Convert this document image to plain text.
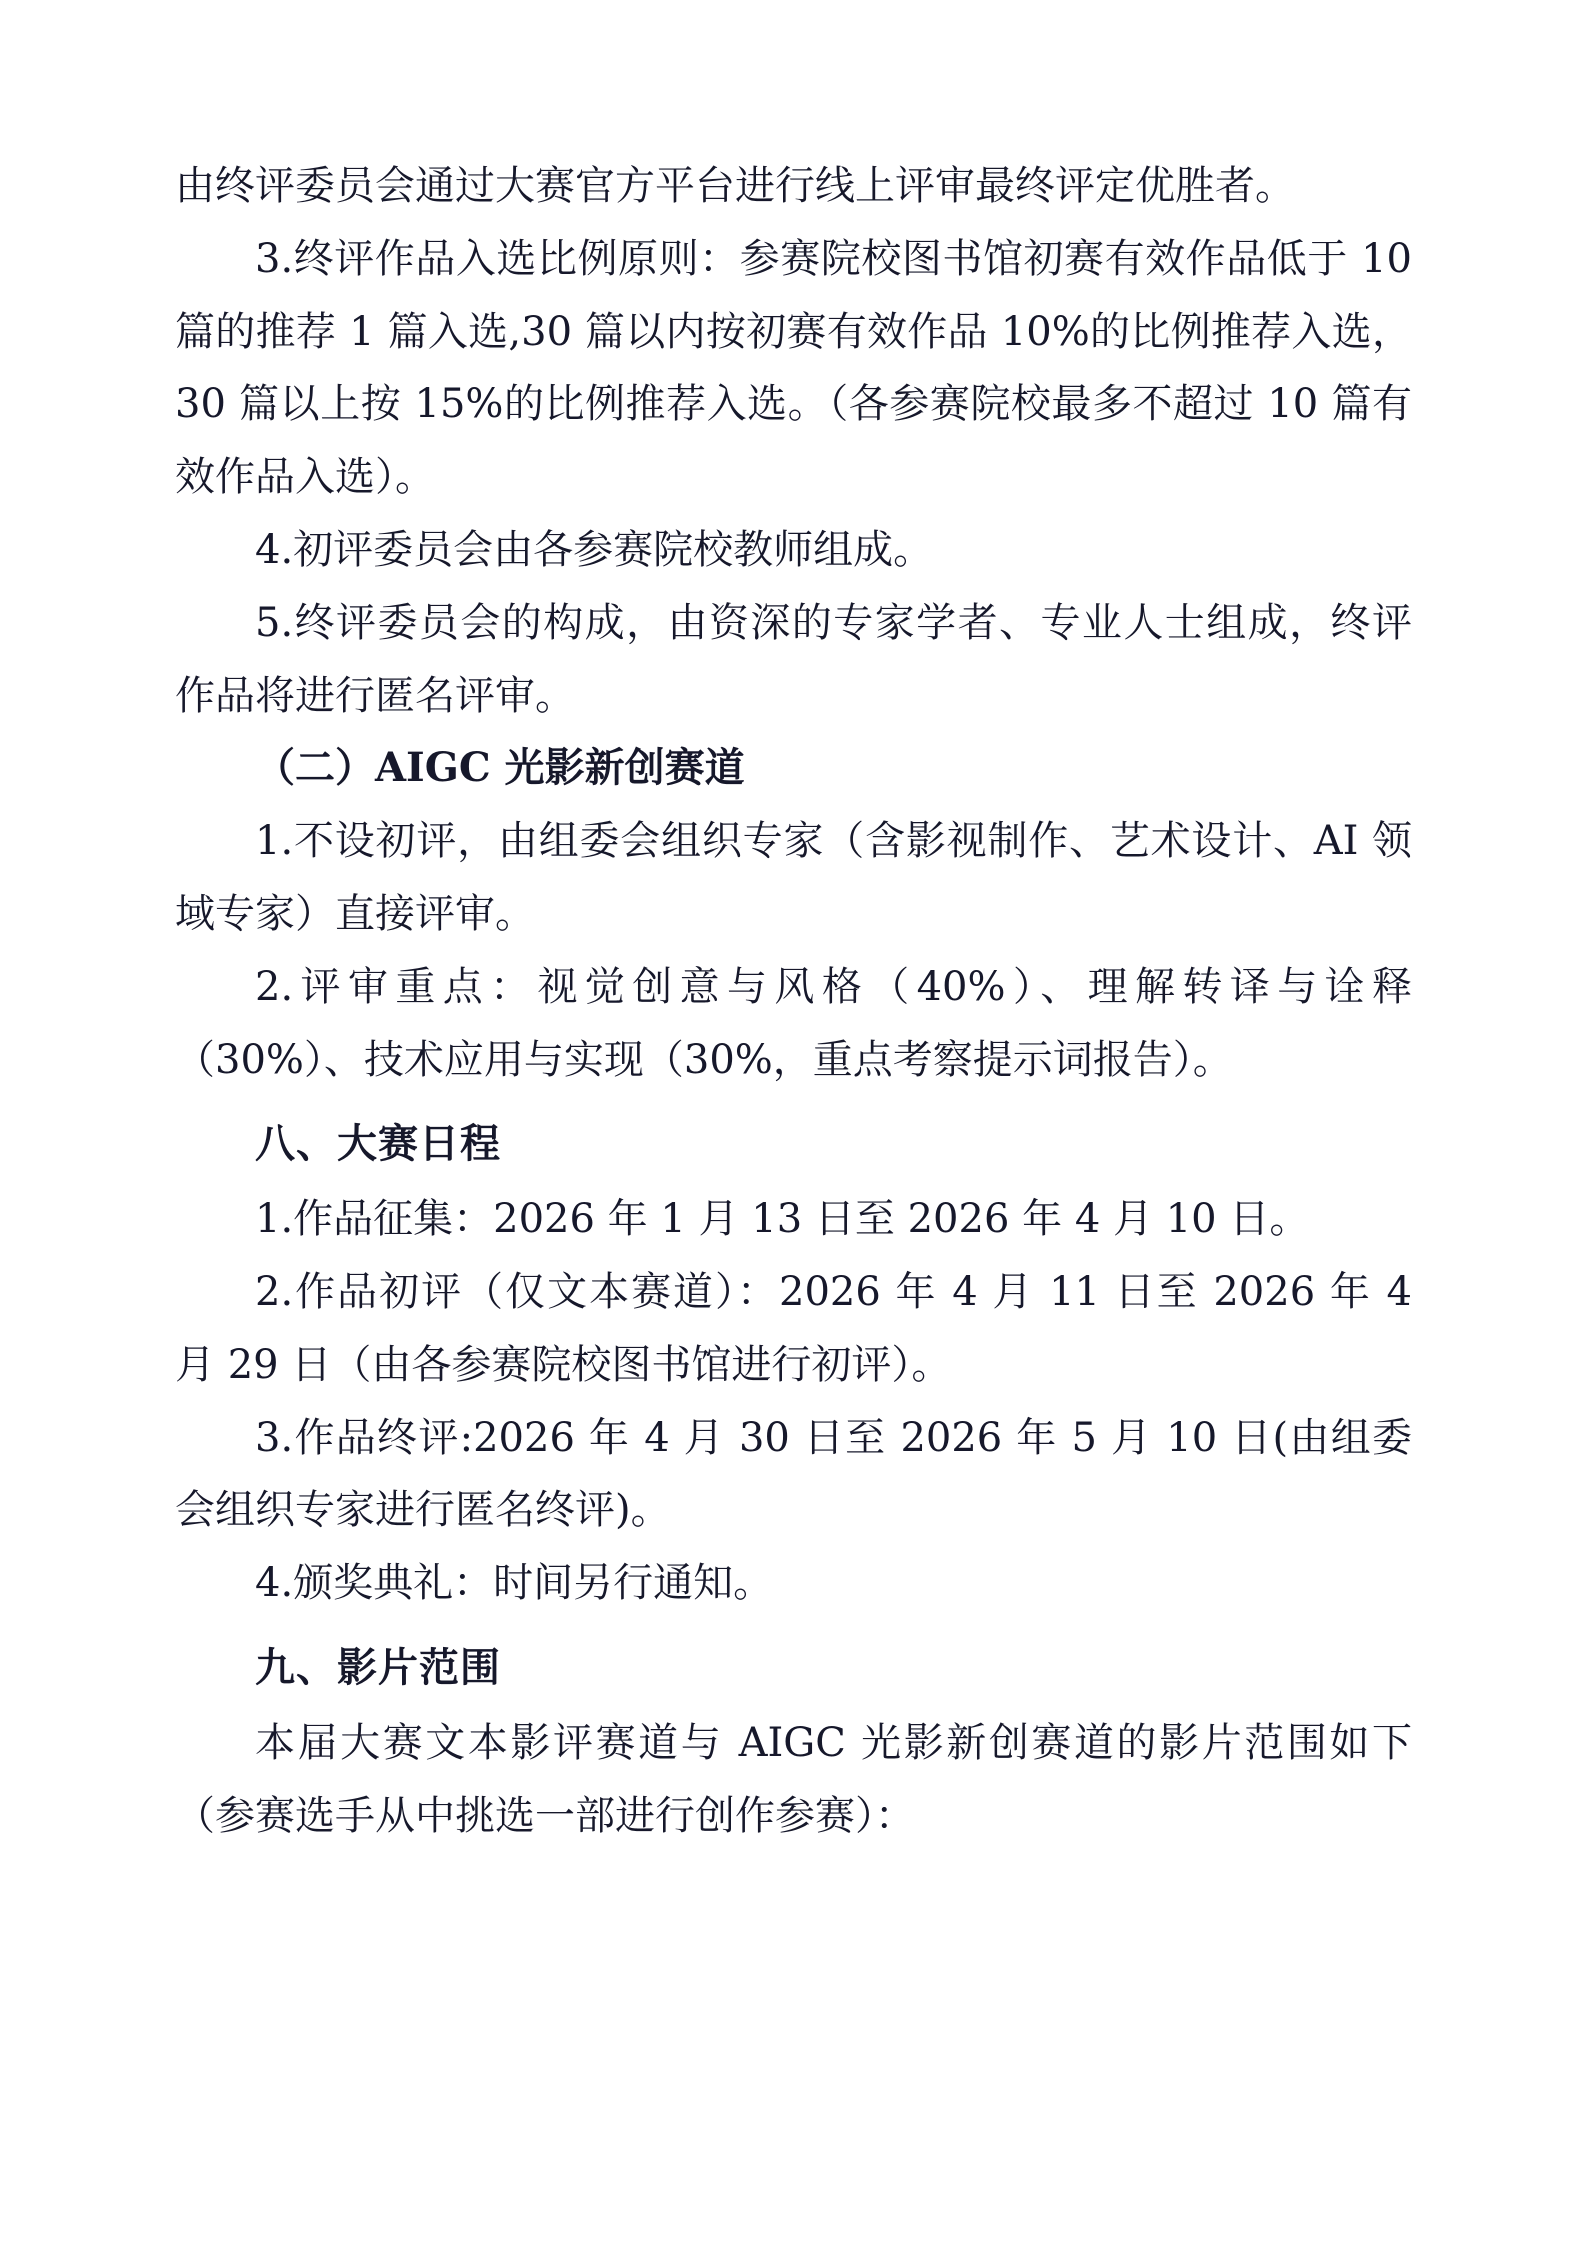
由终评委员会通过大赛官方平台进行线上评审最终评定优胜者。

3.终评作品入选比例原则：参赛院校图书馆初赛有效作品低于 10 篇的推荐 1 篇入选,30 篇以内按初赛有效作品 10%的比例推荐入选，30 篇以上按 15%的比例推荐入选。（各参赛院校最多不超过 10 篇有效作品入选）。

4.初评委员会由各参赛院校教师组成。

5.终评委员会的构成，由资深的专家学者、专业人士组成，终评作品将进行匿名评审。

（二）AIGC 光影新创赛道

1.不设初评，由组委会组织专家（含影视制作、艺术设计、AI 领域专家）直接评审。

2.评审重点：视觉创意与风格（40%）、理解转译与诠释（30%）、技术应用与实现（30%，重点考察提示词报告）。

八、大赛日程

1.作品征集：2026 年 1 月 13 日至 2026 年 4 月 10 日。

2.作品初评（仅文本赛道）：2026 年 4 月 11 日至 2026 年 4 月 29 日（由各参赛院校图书馆进行初评）。

3.作品终评:2026 年 4 月 30 日至 2026 年 5 月 10 日(由组委会组织专家进行匿名终评)。

4.颁奖典礼：时间另行通知。

九、影片范围

本届大赛文本影评赛道与 AIGC 光影新创赛道的影片范围如下（参赛选手从中挑选一部进行创作参赛）：
